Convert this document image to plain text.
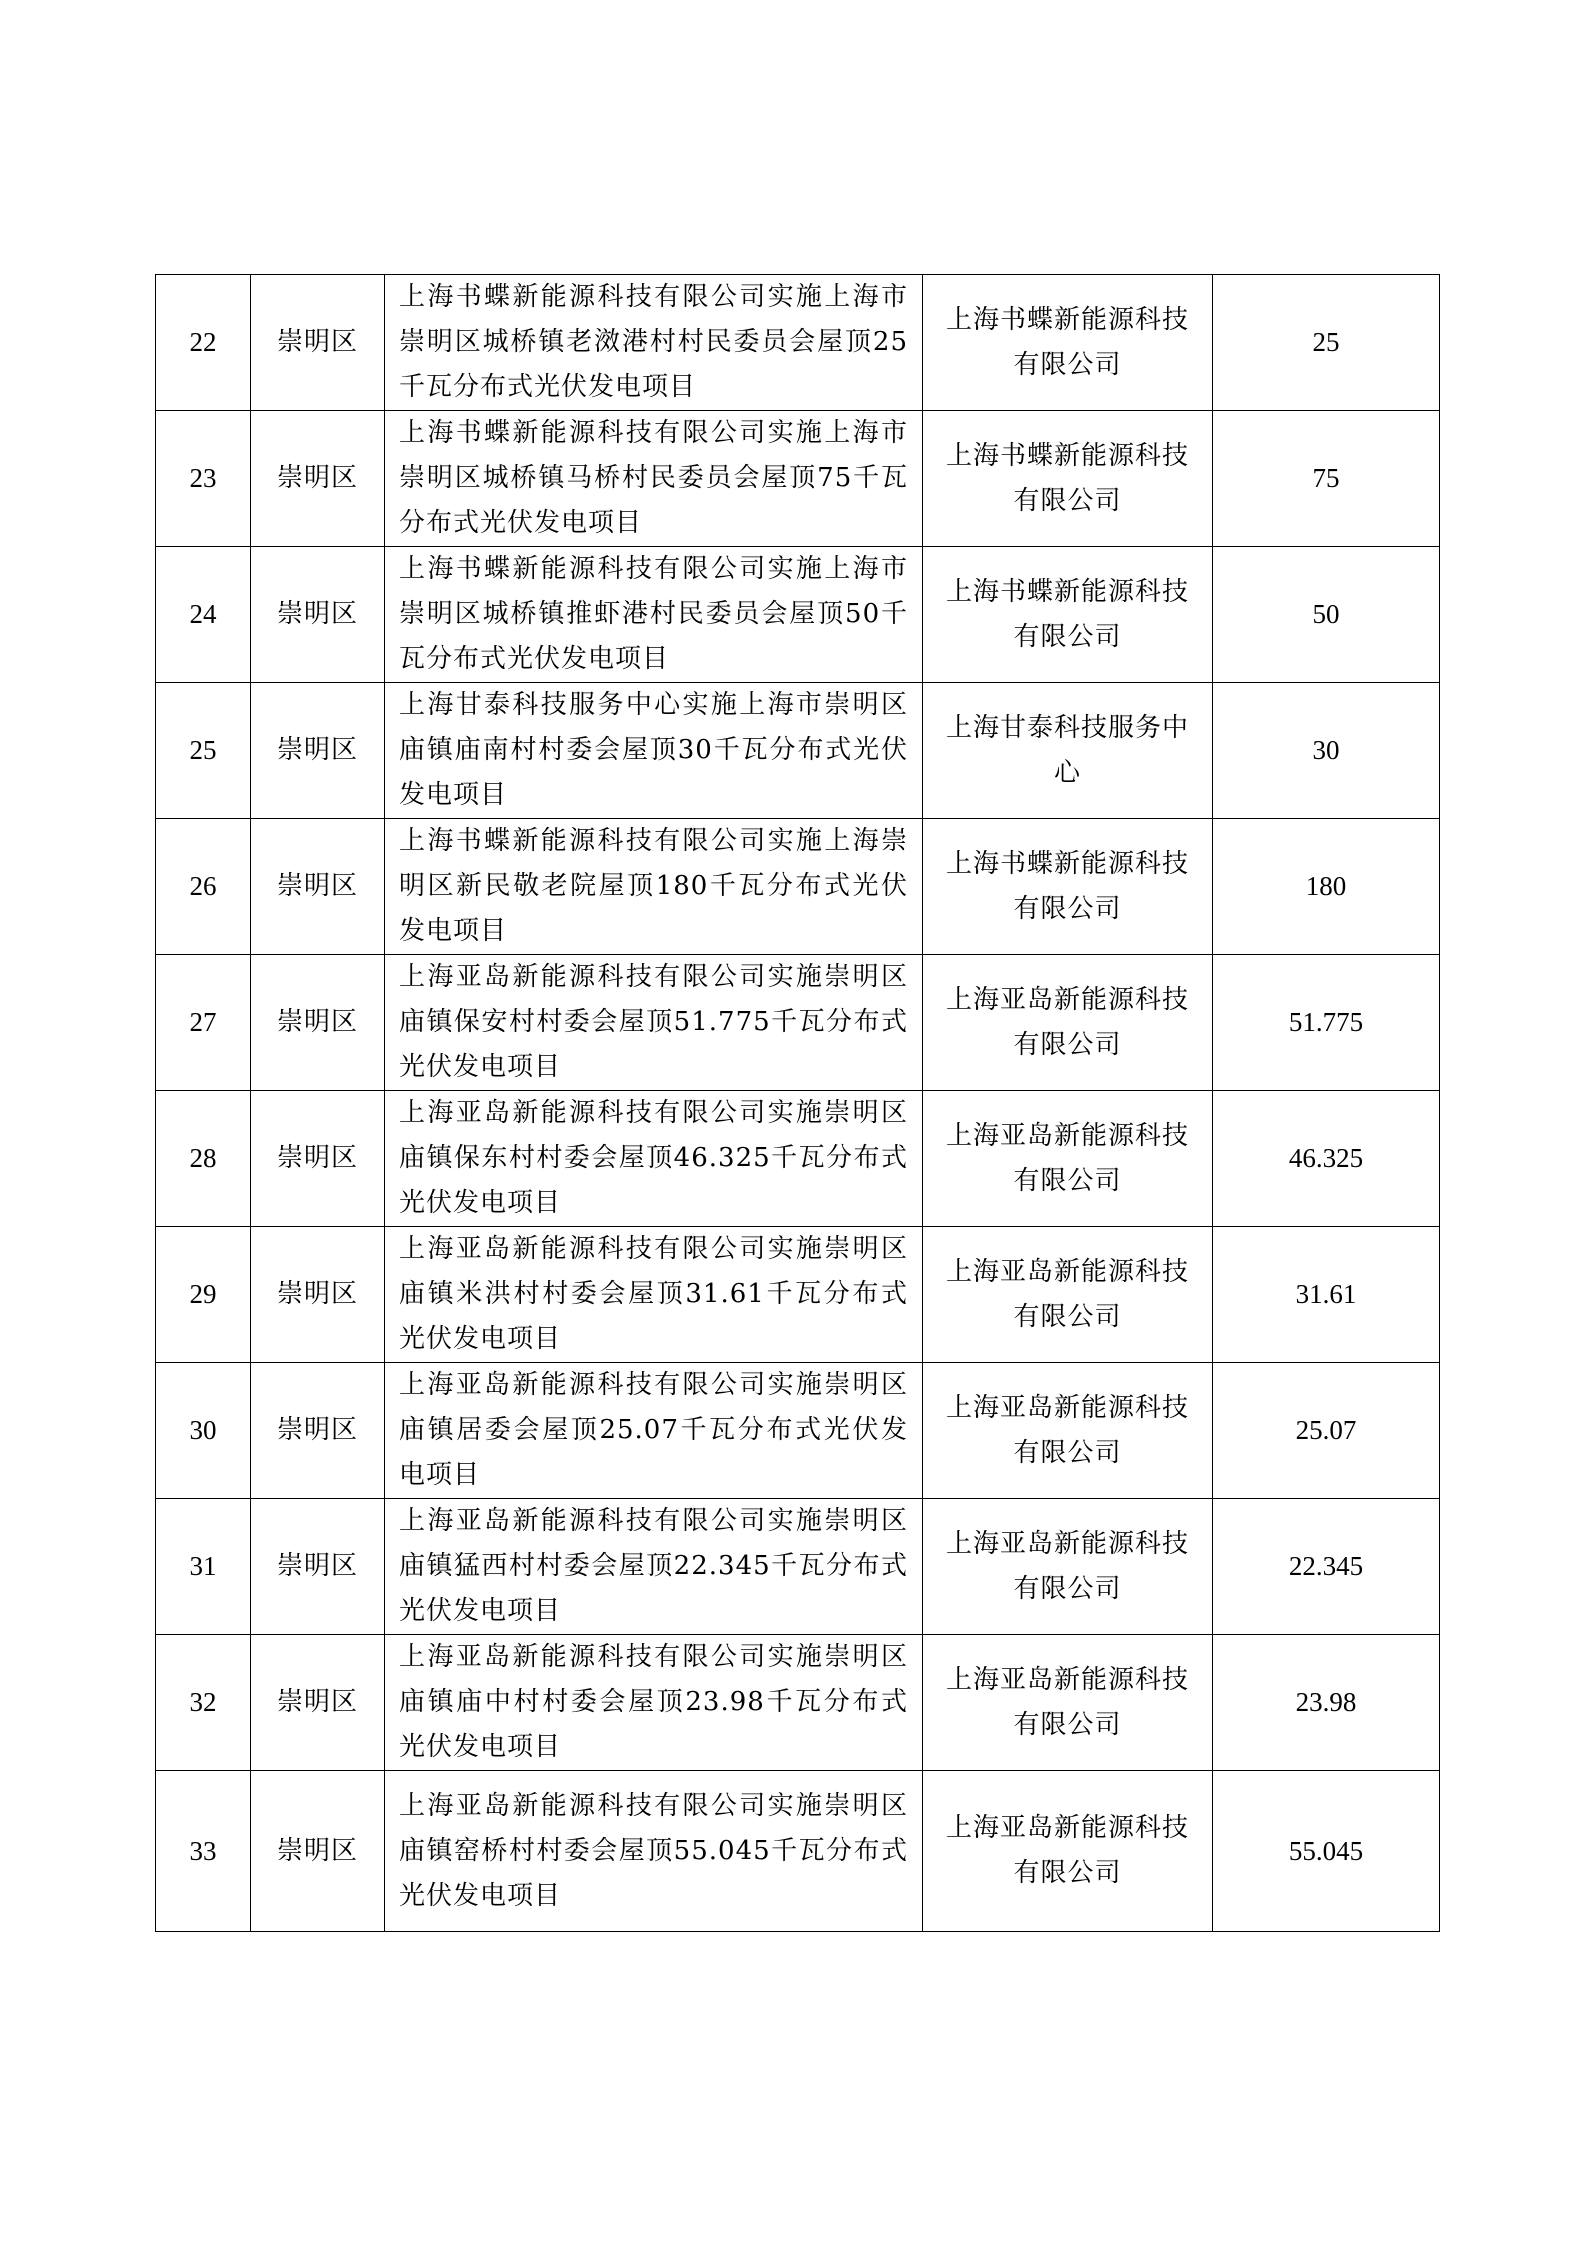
22	崇明区	上海书蝶新能源科技有限公司实施上海市崇明区城桥镇老滧港村村民委员会屋顶25千瓦分布式光伏发电项目	上海书蝶新能源科技有限公司	25
23	崇明区	上海书蝶新能源科技有限公司实施上海市崇明区城桥镇马桥村民委员会屋顶75千瓦分布式光伏发电项目	上海书蝶新能源科技有限公司	75
24	崇明区	上海书蝶新能源科技有限公司实施上海市崇明区城桥镇推虾港村民委员会屋顶50千瓦分布式光伏发电项目	上海书蝶新能源科技有限公司	50
25	崇明区	上海甘泰科技服务中心实施上海市崇明区庙镇庙南村村委会屋顶30千瓦分布式光伏发电项目	上海甘泰科技服务中心	30
26	崇明区	上海书蝶新能源科技有限公司实施上海崇明区新民敬老院屋顶180千瓦分布式光伏发电项目	上海书蝶新能源科技有限公司	180
27	崇明区	上海亚岛新能源科技有限公司实施崇明区庙镇保安村村委会屋顶51.775千瓦分布式光伏发电项目	上海亚岛新能源科技有限公司	51.775
28	崇明区	上海亚岛新能源科技有限公司实施崇明区庙镇保东村村委会屋顶46.325千瓦分布式光伏发电项目	上海亚岛新能源科技有限公司	46.325
29	崇明区	上海亚岛新能源科技有限公司实施崇明区庙镇米洪村村委会屋顶31.61千瓦分布式光伏发电项目	上海亚岛新能源科技有限公司	31.61
30	崇明区	上海亚岛新能源科技有限公司实施崇明区庙镇居委会屋顶25.07千瓦分布式光伏发电项目	上海亚岛新能源科技有限公司	25.07
31	崇明区	上海亚岛新能源科技有限公司实施崇明区庙镇猛西村村委会屋顶22.345千瓦分布式光伏发电项目	上海亚岛新能源科技有限公司	22.345
32	崇明区	上海亚岛新能源科技有限公司实施崇明区庙镇庙中村村委会屋顶23.98千瓦分布式光伏发电项目	上海亚岛新能源科技有限公司	23.98
33	崇明区	上海亚岛新能源科技有限公司实施崇明区庙镇窑桥村村委会屋顶55.045千瓦分布式光伏发电项目	上海亚岛新能源科技有限公司	55.045
